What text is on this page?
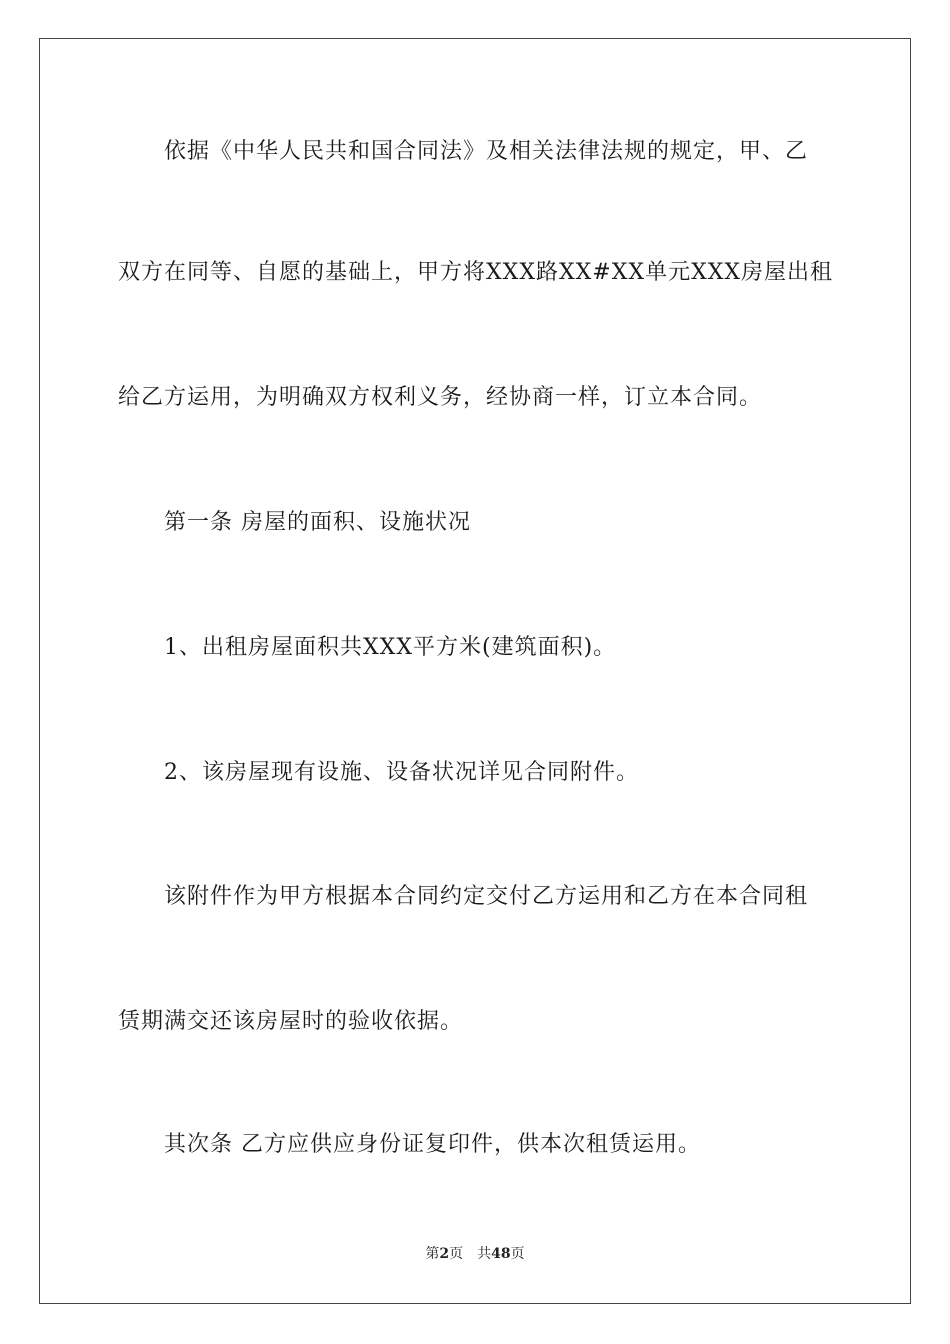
依据《中华人民共和国合同法》及相关法律法规的规定，甲、乙
双方在同等、自愿的基础上，甲方将XXX路XX#XX单元XXX房屋出租
给乙方运用，为明确双方权利义务，经协商一样，订立本合同。
第一条 房屋的面积、设施状况
1、出租房屋面积共XXX平方米(建筑面积)。
2、该房屋现有设施、设备状况详见合同附件。
该附件作为甲方根据本合同约定交付乙方运用和乙方在本合同租
赁期满交还该房屋时的验收依据。
其次条 乙方应供应身份证复印件，供本次租赁运用。
第2页 共48页
